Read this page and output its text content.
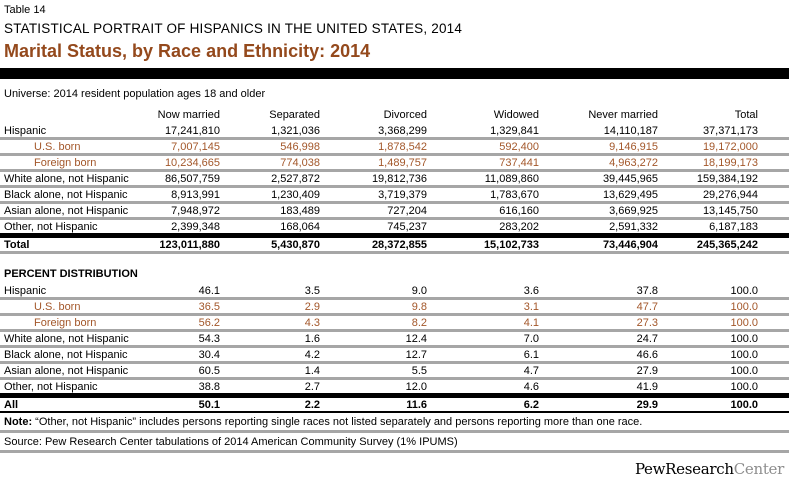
Table 14
STATISTICAL PORTRAIT OF HISPANICS IN THE UNITED STATES, 2014
Marital Status, by Race and Ethnicity: 2014
Universe: 2014 resident population ages 18 and older
	Now married	Separated	Divorced	Widowed	Never married	Total	
Hispanic	17,241,810	1,321,036	3,368,299	1,329,841	14,110,187	37,371,173	
U.S. born	7,007,145	546,998	1,878,542	592,400	9,146,915	19,172,000	
Foreign born	10,234,665	774,038	1,489,757	737,441	4,963,272	18,199,173	
White alone, not Hispanic	86,507,759	2,527,872	19,812,736	11,089,860	39,445,965	159,384,192	
Black alone, not Hispanic	8,913,991	1,230,409	3,719,379	1,783,670	13,629,495	29,276,944	
Asian alone, not Hispanic	7,948,972	183,489	727,204	616,160	3,669,925	13,145,750	
Other, not Hispanic	2,399,348	168,064	745,237	283,202	2,591,332	6,187,183	
Total	123,011,880	5,430,870	28,372,855	15,102,733	73,446,904	245,365,242	
PERCENT DISTRIBUTION
Hispanic	46.1	3.5	9.0	3.6	37.8	100.0	
U.S. born	36.5	2.9	9.8	3.1	47.7	100.0	
Foreign born	56.2	4.3	8.2	4.1	27.3	100.0	
White alone, not Hispanic	54.3	1.6	12.4	7.0	24.7	100.0	
Black alone, not Hispanic	30.4	4.2	12.7	6.1	46.6	100.0	
Asian alone, not Hispanic	60.5	1.4	5.5	4.7	27.9	100.0	
Other, not Hispanic	38.8	2.7	12.0	4.6	41.9	100.0	
All	50.1	2.2	11.6	6.2	29.9	100.0	
Note: “Other, not Hispanic” includes persons reporting single races not listed separately and persons reporting more than one race.
Source: Pew Research Center tabulations of 2014 American Community Survey (1% IPUMS)
PewResearchCenter
